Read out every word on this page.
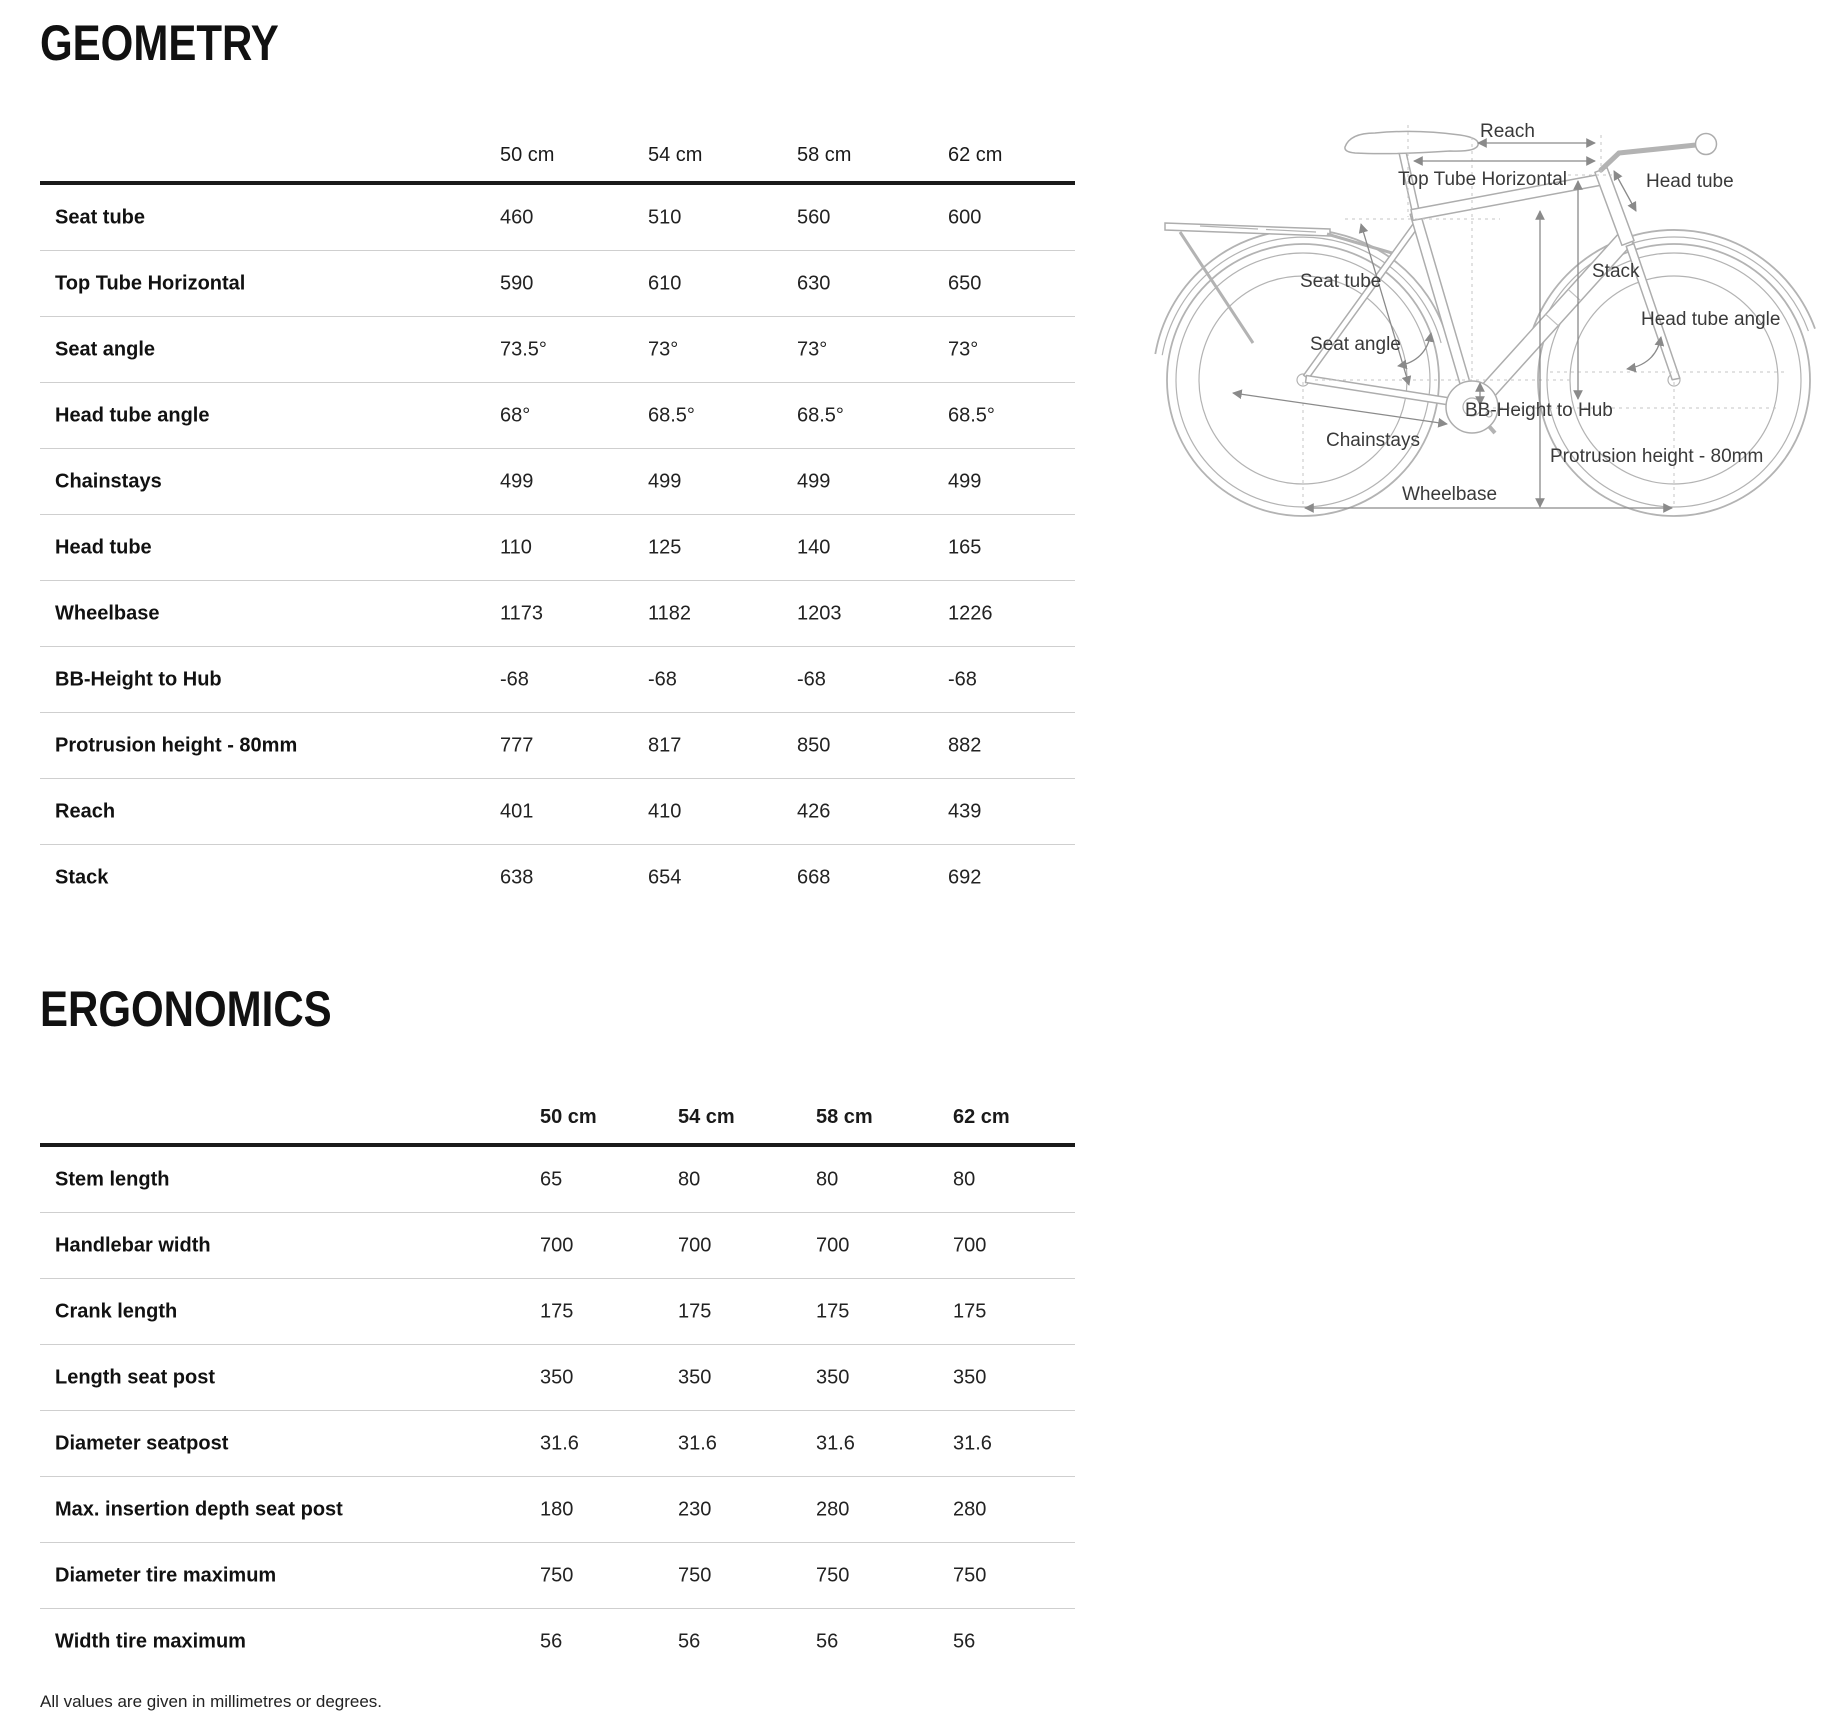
GEOMETRY
50 cm	54 cm	58 cm	62 cm
Seat tube	460	510	560	600
Top Tube Horizontal	590	610	630	650
Seat angle	73.5°	73°	73°	73°
Head tube angle	68°	68.5°	68.5°	68.5°
Chainstays	499	499	499	499
Head tube	110	125	140	165
Wheelbase	1173	1182	1203	1226
BB-Height to Hub	-68	-68	-68	-68
Protrusion height - 80mm	777	817	850	882
Reach	401	410	426	439
Stack	638	654	668	692
ERGONOMICS
50 cm	54 cm	58 cm	62 cm
Stem length	65	80	80	80
Handlebar width	700	700	700	700
Crank length	175	175	175	175
Length seat post	350	350	350	350
Diameter seatpost	31.6	31.6	31.6	31.6
Max. insertion depth seat post	180	230	280	280
Diameter tire maximum	750	750	750	750
Width tire maximum	56	56	56	56
All values are given in millimetres or degrees.
Reach
Top Tube Horizontal	Head tube
Seat tube	Stack
Head tube angle
Seat angle
BB-Height to Hub
Chainstays
Protrusion height - 80mm
Wheelbase
